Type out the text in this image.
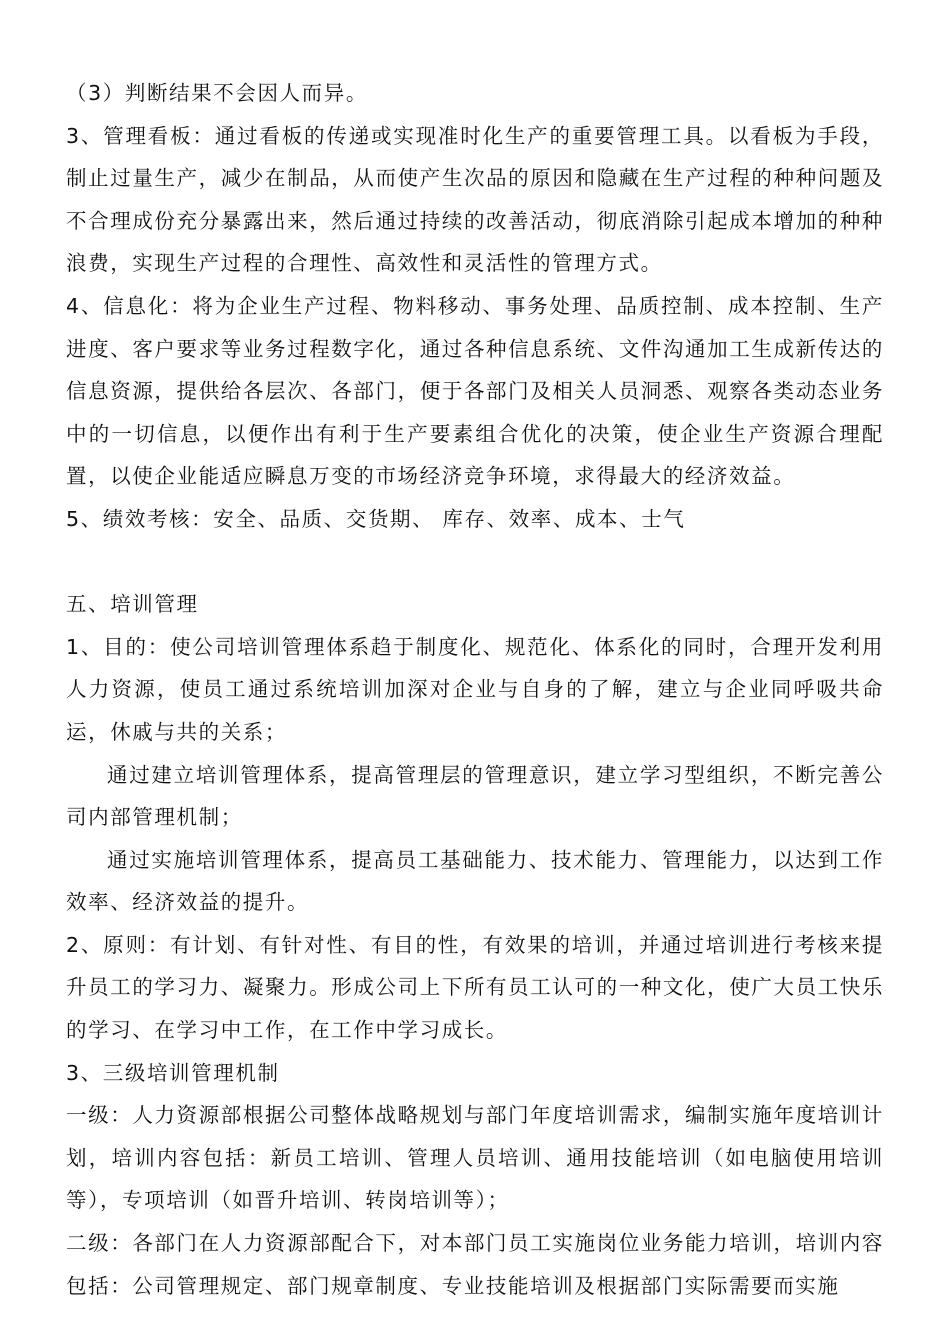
（3）判断结果不会因人而异。

3、管理看板：通过看板的传递或实现准时化生产的重要管理工具。以看板为手段，制止过量生产，减少在制品，从而使产生次品的原因和隐藏在生产过程的种种问题及不合理成份充分暴露出来，然后通过持续的改善活动，彻底消除引起成本增加的种种浪费，实现生产过程的合理性、高效性和灵活性的管理方式。

4、信息化：将为企业生产过程、物料移动、事务处理、品质控制、成本控制、生产进度、客户要求等业务过程数字化，通过各种信息系统、文件沟通加工生成新传达的信息资源，提供给各层次、各部门，便于各部门及相关人员洞悉、观察各类动态业务中的一切信息，以便作出有利于生产要素组合优化的决策，使企业生产资源合理配置，以使企业能适应瞬息万变的市场经济竞争环境，求得最大的经济效益。

5、绩效考核：安全、品质、交货期、 库存、效率、成本、士气

五、培训管理

1、目的：使公司培训管理体系趋于制度化、规范化、体系化的同时，合理开发利用人力资源，使员工通过系统培训加深对企业与自身的了解，建立与企业同呼吸共命运，休戚与共的关系；

通过建立培训管理体系，提高管理层的管理意识，建立学习型组织，不断完善公司内部管理机制；

通过实施培训管理体系，提高员工基础能力、技术能力、管理能力，以达到工作效率、经济效益的提升。

2、原则：有计划、有针对性、有目的性，有效果的培训，并通过培训进行考核来提升员工的学习力、凝聚力。形成公司上下所有员工认可的一种文化，使广大员工快乐的学习、在学习中工作，在工作中学习成长。

3、三级培训管理机制

一级：人力资源部根据公司整体战略规划与部门年度培训需求，编制实施年度培训计划，培训内容包括：新员工培训、管理人员培训、通用技能培训（如电脑使用培训等），专项培训（如晋升培训、转岗培训等）；

二级：各部门在人力资源部配合下，对本部门员工实施岗位业务能力培训，培训内容包括：公司管理规定、部门规章制度、专业技能培训及根据部门实际需要而实施
